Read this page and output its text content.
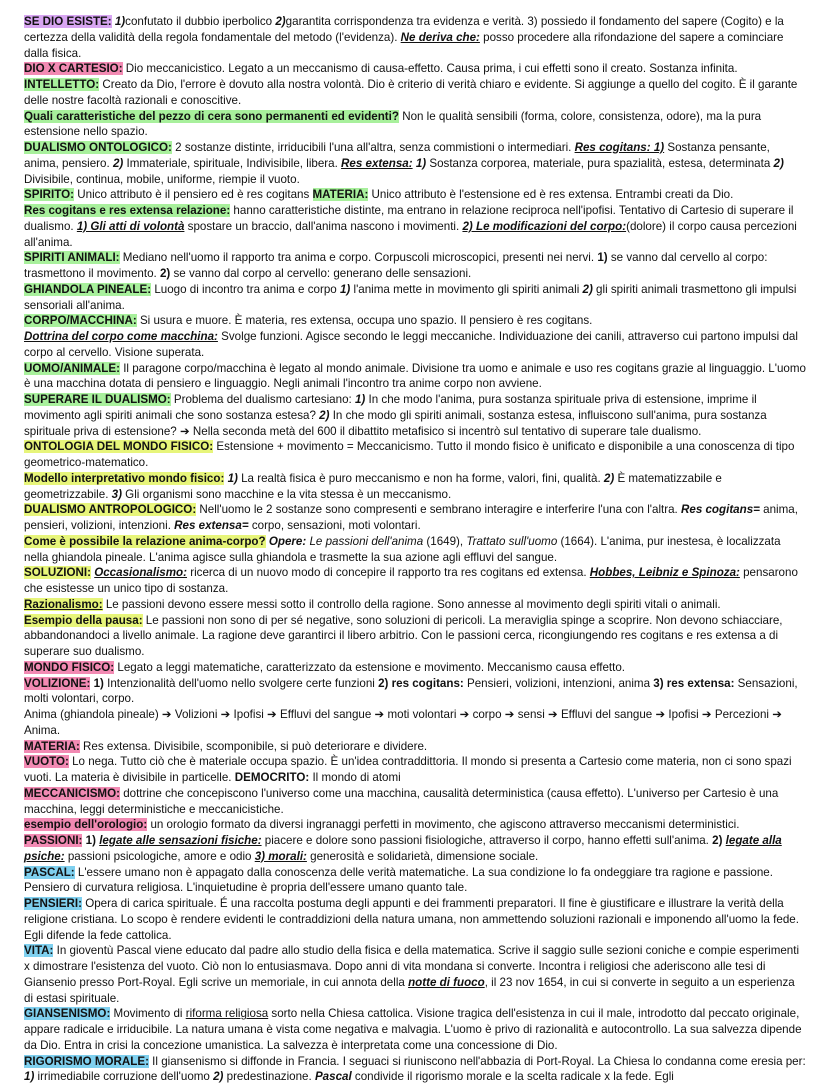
SE DIO ESISTE: 1)confutato il dubbio iperbolico 2)garantita corrispondenza tra evidenza e verità. 3) possiedo il fondamento del sapere (Cogito) e la certezza della validità della regola fondamentale del metodo (l'evidenza). Ne deriva che: posso procedere alla rifondazione del sapere a cominciare dalla fisica.

DIO X CARTESIO: Dio meccanicistico. Legato a un meccanismo di causa-effetto. Causa prima, i cui effetti sono il creato. Sostanza infinita.

INTELLETTO: Creato da Dio, l'errore è dovuto alla nostra volontà. Dio è criterio di verità chiaro e evidente. Si aggiunge a quello del cogito. È il garante delle nostre facoltà razionali e conoscitive.

Quali caratteristiche del pezzo di cera sono permanenti ed evidenti? Non le qualità sensibili (forma, colore, consistenza, odore), ma la pura estensione nello spazio.

DUALISMO ONTOLOGICO: 2 sostanze distinte, irriducibili l'una all'altra, senza commistioni o intermediari. Res cogitans: 1) Sostanza pensante, anima, pensiero. 2) Immateriale, spirituale, Indivisibile, libera. Res extensa: 1) Sostanza corporea, materiale, pura spazialità, estesa, determinata 2) Divisibile, continua, mobile, uniforme, riempie il vuoto.

SPIRITO: Unico attributo è il pensiero ed è res cogitans MATERIA: Unico attributo è l'estensione ed è res extensa. Entrambi creati da Dio.

Res cogitans e res extensa relazione: hanno caratteristiche distinte, ma entrano in relazione reciproca nell'ipofisi. Tentativo di Cartesio di superare il dualismo. 1) Gli atti di volontà spostare un braccio, dall'anima nascono i movimenti. 2) Le modificazioni del corpo:(dolore) il corpo causa percezioni all'anima.

SPIRITI ANIMALI: Mediano nell'uomo il rapporto tra anima e corpo. Corpuscoli microscopici, presenti nei nervi. 1) se vanno dal cervello al corpo: trasmettono il movimento. 2) se vanno dal corpo al cervello: generano delle sensazioni.

GHIANDOLA PINEALE: Luogo di incontro tra anima e corpo 1) l'anima mette in movimento gli spiriti animali 2) gli spiriti animali trasmettono gli impulsi sensoriali all'anima.

CORPO/MACCHINA: Si usura e muore. È materia, res extensa, occupa uno spazio. Il pensiero è res cogitans.

Dottrina del corpo come macchina: Svolge funzioni. Agisce secondo le leggi meccaniche. Individuazione dei canili, attraverso cui partono impulsi dal corpo al cervello. Visione superata.

UOMO/ANIMALE: Il paragone corpo/macchina è legato al mondo animale. Divisione tra uomo e animale e uso res cogitans grazie al linguaggio. L'uomo è una macchina dotata di pensiero e linguaggio. Negli animali l'incontro tra anime corpo non avviene.

SUPERARE IL DUALISMO: Problema del dualismo cartesiano: 1) In che modo l'anima, pura sostanza spirituale priva di estensione, imprime il movimento agli spiriti animali che sono sostanza estesa? 2) In che modo gli spiriti animali, sostanza estesa, influiscono sull'anima, pura sostanza spirituale priva di estensione? ➔ Nella seconda metà del 600 il dibattito metafisico si incentrò sul tentativo di superare tale dualismo.

ONTOLOGIA DEL MONDO FISICO: Estensione + movimento = Meccanicismo. Tutto il mondo fisico è unificato e disponibile a una conoscenza di tipo geometrico-matematico.

Modello interpretativo mondo fisico: 1) La realtà fisica è puro meccanismo e non ha forme, valori, fini, qualità. 2) È matematizzabile e geometrizzabile. 3) Gli organismi sono macchine e la vita stessa è un meccanismo.

DUALISMO ANTROPOLOGICO: Nell'uomo le 2 sostanze sono compresenti e sembrano interagire e interferire l'una con l'altra. Res cogitans= anima, pensieri, volizioni, intenzioni. Res extensa= corpo, sensazioni, moti volontari.

Come è possibile la relazione anima-corpo? Opere: Le passioni dell'anima (1649), Trattato sull'uomo (1664). L'anima, pur inestesa, è localizzata nella ghiandola pineale. L'anima agisce sulla ghiandola e trasmette la sua azione agli effluvi del sangue.

SOLUZIONI: Occasionalismo: ricerca di un nuovo modo di concepire il rapporto tra res cogitans ed extensa. Hobbes, Leibniz e Spinoza: pensarono che esistesse un unico tipo di sostanza.

Razionalismo: Le passioni devono essere messi sotto il controllo della ragione. Sono annesse al movimento degli spiriti vitali o animali.

Esempio della pausa: Le passioni non sono di per sé negative, sono soluzioni di pericoli. La meraviglia spinge a scoprire. Non devono schiacciare, abbandonandoci a livello animale. La ragione deve garantirci il libero arbitrio. Con le passioni cerca, ricongiungendo res cogitans e res extensa a di superare suo dualismo.

MONDO FISICO: Legato a leggi matematiche, caratterizzato da estensione e movimento. Meccanismo causa effetto.

VOLIZIONE: 1) Intenzionalità dell'uomo nello svolgere certe funzioni 2) res cogitans: Pensieri, volizioni, intenzioni, anima 3) res extensa: Sensazioni, molti volontari, corpo.

Anima (ghiandola pineale) ➔ Volizioni ➔ Ipofisi ➔ Effluvi del sangue ➔ moti volontari ➔ corpo ➔ sensi ➔ Effluvi del sangue ➔ Ipofisi ➔ Percezioni ➔ Anima.

MATERIA: Res extensa. Divisibile, scomponibile, si può deteriorare e dividere.

VUOTO: Lo nega. Tutto ciò che è materiale occupa spazio. È un'idea contraddittoria. Il mondo si presenta a Cartesio come materia, non ci sono spazi vuoti. La materia è divisibile in particelle. DEMOCRITO: Il mondo di atomi

MECCANICISMO: dottrine che concepiscono l'universo come una macchina, causalità deterministica (causa effetto). L'universo per Cartesio è una macchina, leggi deterministiche e meccanicistiche.

esempio dell'orologio: un orologio formato da diversi ingranaggi perfetti in movimento, che agiscono attraverso meccanismi deterministici.

PASSIONI: 1) legate alle sensazioni fisiche: piacere e dolore sono passioni fisiologiche, attraverso il corpo, hanno effetti sull'anima. 2) legate alla psiche: passioni psicologiche, amore e odio 3) morali: generosità e solidarietà, dimensione sociale.

PASCAL: L'essere umano non è appagato dalla conoscenza delle verità matematiche. La sua condizione lo fa ondeggiare tra ragione e passione. Pensiero di curvatura religiosa. L'inquietudine è propria dell'essere umano quanto tale.

PENSIERI: Opera di carica spirituale. É una raccolta postuma degli appunti e dei frammenti preparatori. Il fine è giustificare e illustrare la verità della religione cristiana. Lo scopo è rendere evidenti le contraddizioni della natura umana, non ammettendo soluzioni razionali e imponendo all'uomo la fede. Egli difende la fede cattolica.

VITA: In gioventù Pascal viene educato dal padre allo studio della fisica e della matematica. Scrive il saggio sulle sezioni coniche e compie esperimenti x dimostrare l'esistenza del vuoto. Ciò non lo entusiasmava. Dopo anni di vita mondana si converte. Incontra i religiosi che aderiscono alle tesi di Giansenio presso Port-Royal. Egli scrive un memoriale, in cui annota della notte di fuoco, il 23 nov 1654, in cui si converte in seguito a un esperienza di estasi spirituale.

GIANSENISMO: Movimento di riforma religiosa sorto nella Chiesa cattolica. Visione tragica dell'esistenza in cui il male, introdotto dal peccato originale, appare radicale e irriducibile. La natura umana è vista come negativa e malvagia. L'uomo è privo di razionalità e autocontrollo. La sua salvezza dipende da Dio. Entra in crisi la concezione umanistica. La salvezza è interpretata come una concessione di Dio.

RIGORISMO MORALE: Il giansenismo si diffonde in Francia. I seguaci si riuniscono nell'abbazia di Port-Royal. La Chiesa lo condanna come eresia per: 1) irrimediabile corruzione dell'uomo 2) predestinazione. Pascal condivide il rigorismo morale e la scelta radicale x la fede. Egli
